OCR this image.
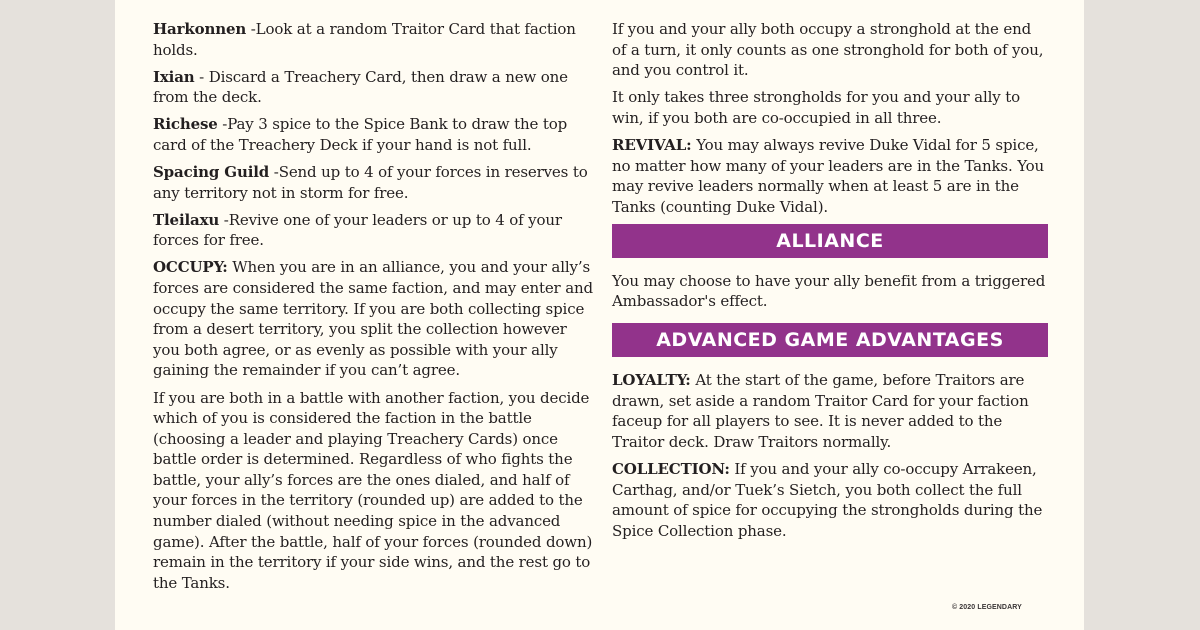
Harkonnen -Look at a random Traitor Card that faction holds.

Ixian - Discard a Treachery Card, then draw a new one from the deck.

Richese -Pay 3 spice to the Spice Bank to draw the top card of the Treachery Deck if your hand is not full.

Spacing Guild -Send up to 4 of your forces in reserves to any territory not in storm for free.

Tleilaxu -Revive one of your leaders or up to 4 of your forces for free.

OCCUPY: When you are in an alliance, you and your ally’s forces are considered the same faction, and may enter and occupy the same territory. If you are both collecting spice from a desert territory, you split the collection however you both agree, or as evenly as possible with your ally gaining the remainder if you can’t agree.

If you are both in a battle with another faction, you decide which of you is considered the faction in the battle (choosing a leader and playing Treachery Cards) once battle order is determined. Regardless of who fights the battle, your ally’s forces are the ones dialed, and half of your forces in the territory (rounded up) are added to the number dialed (without needing spice in the advanced game). After the battle, half of your forces (rounded down) remain in the territory if your side wins, and the rest go to the Tanks.

If you and your ally both occupy a stronghold at the end of a turn, it only counts as one stronghold for both of you, and you control it.

It only takes three strongholds for you and your ally to win, if you both are co-occupied in all three.

REVIVAL: You may always revive Duke Vidal for 5 spice, no matter how many of your leaders are in the Tanks. You may revive leaders normally when at least 5 are in the Tanks (counting Duke Vidal).

ALLIANCE

You may choose to have your ally benefit from a triggered Ambassador's effect.

ADVANCED GAME ADVANTAGES

LOYALTY: At the start of the game, before Traitors are drawn, set aside a random Traitor Card for your faction faceup for all players to see. It is never added to the Traitor deck. Draw Traitors normally.

COLLECTION: If you and your ally co-occupy Arrakeen, Carthag, and/or Tuek’s Sietch, you both collect the full amount of spice for occupying the strongholds during the Spice Collection phase.

© 2020 LEGENDARY
